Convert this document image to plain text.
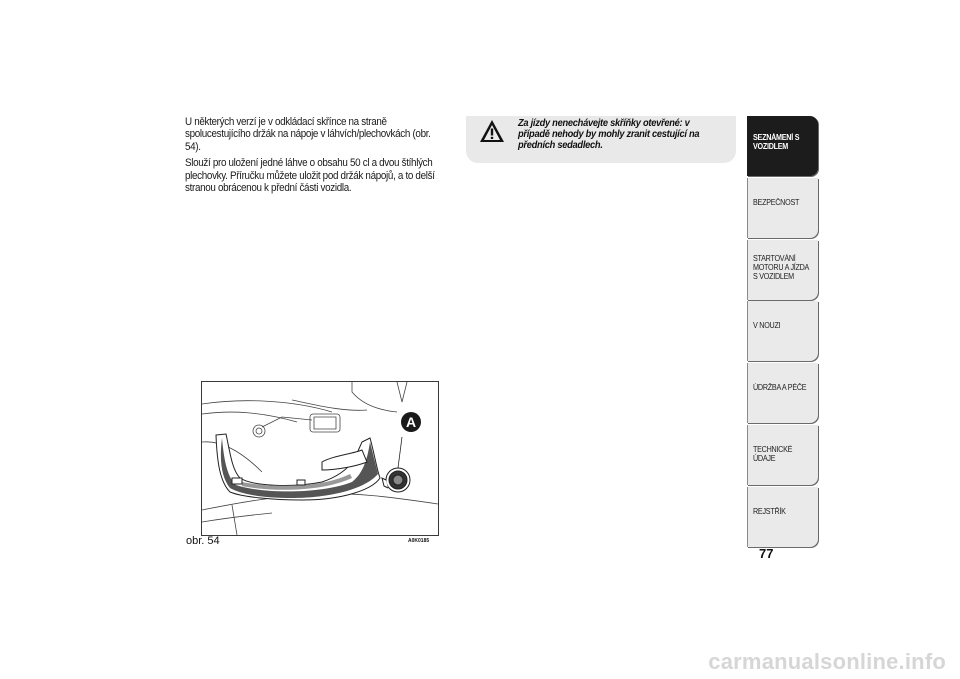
U některých verzí je v odkládací skřínce na straně spolucestujícího držák na nápoje v láhvích/plechovkách (obr. 54).

Slouží pro uložení jedné láhve o obsahu 50 cl a dvou štíhlých plechovky. Příručku můžete uložit pod držák nápojů, a to delší stranou obrácenou k přední části vozidla.

Za jízdy nenechávejte skříňky otevřené: v případě nehody by mohly zranit cestující na předních sedadlech.
A
obr. 54	A0K0185
SEZNÁMENÍ S VOZIDLEM
BEZPEČNOST
STARTOVÁNÍ MOTORU A JÍZDA S VOZIDLEM
V NOUZI
ÚDRŽBA A PÉČE
TECHNICKÉ ÚDAJE
REJSTŘÍK
77
carmanualsonline.info
